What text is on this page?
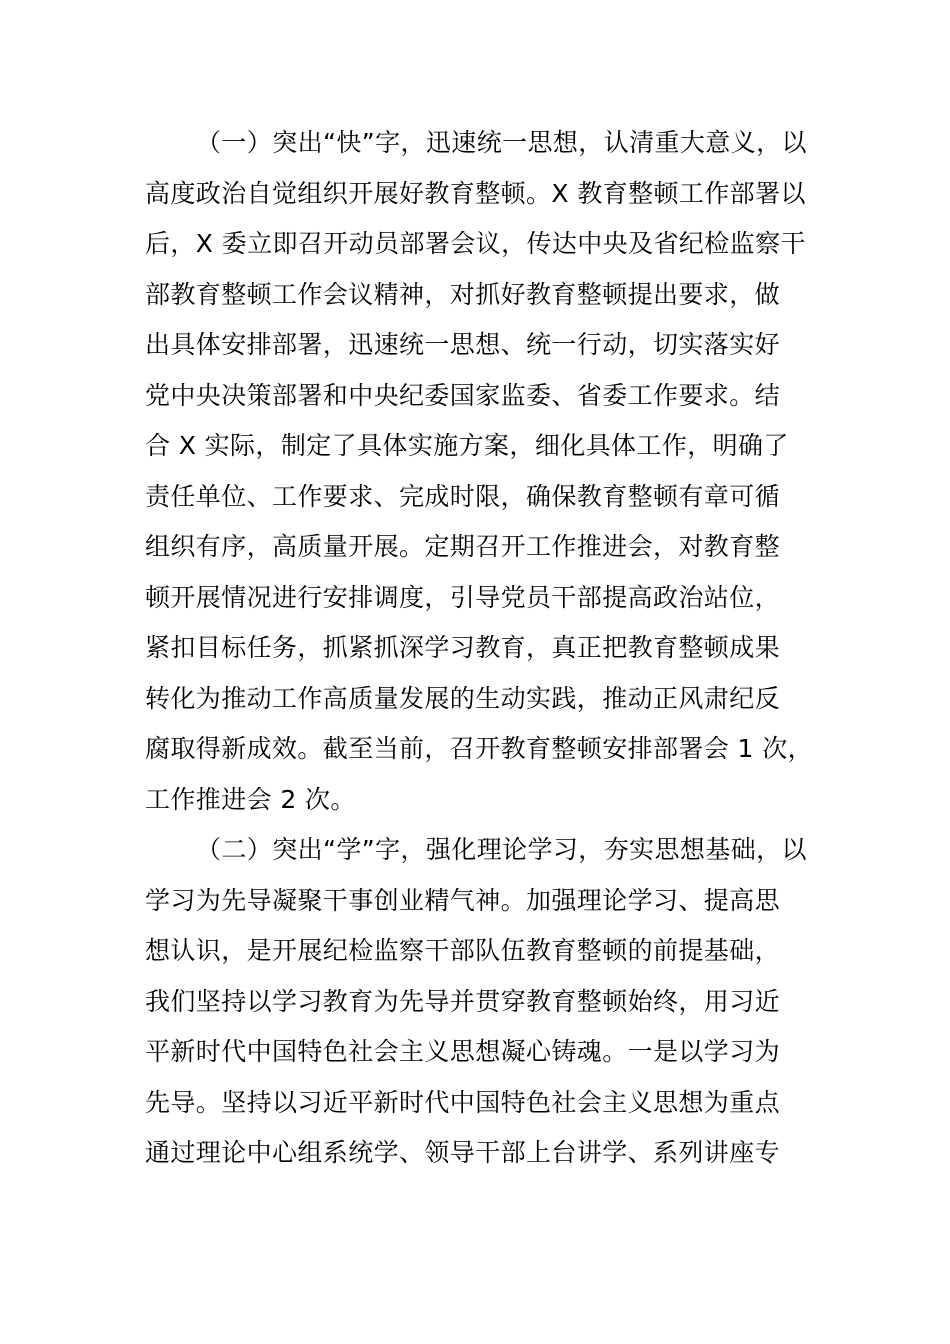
（一）突出“快”字，迅速统一思想，认清重大意义，以
高度政治自觉组织开展好教育整顿。X 教育整顿工作部署以
后，X 委立即召开动员部署会议，传达中央及省纪检监察干
部教育整顿工作会议精神，对抓好教育整顿提出要求，做
出具体安排部署，迅速统一思想、统一行动，切实落实好
党中央决策部署和中央纪委国家监委、省委工作要求。结
合 X 实际，制定了具体实施方案，细化具体工作，明确了
责任单位、工作要求、完成时限，确保教育整顿有章可循
组织有序，高质量开展。定期召开工作推进会，对教育整
顿开展情况进行安排调度，引导党员干部提高政治站位，
紧扣目标任务，抓紧抓深学习教育，真正把教育整顿成果
转化为推动工作高质量发展的生动实践，推动正风肃纪反
腐取得新成效。截至当前，召开教育整顿安排部署会 1 次，
工作推进会 2 次。
（二）突出“学”字，强化理论学习，夯实思想基础，以
学习为先导凝聚干事创业精气神。加强理论学习、提高思
想认识，是开展纪检监察干部队伍教育整顿的前提基础，
我们坚持以学习教育为先导并贯穿教育整顿始终，用习近
平新时代中国特色社会主义思想凝心铸魂。一是以学习为
先导。坚持以习近平新时代中国特色社会主义思想为重点
通过理论中心组系统学、领导干部上台讲学、系列讲座专
